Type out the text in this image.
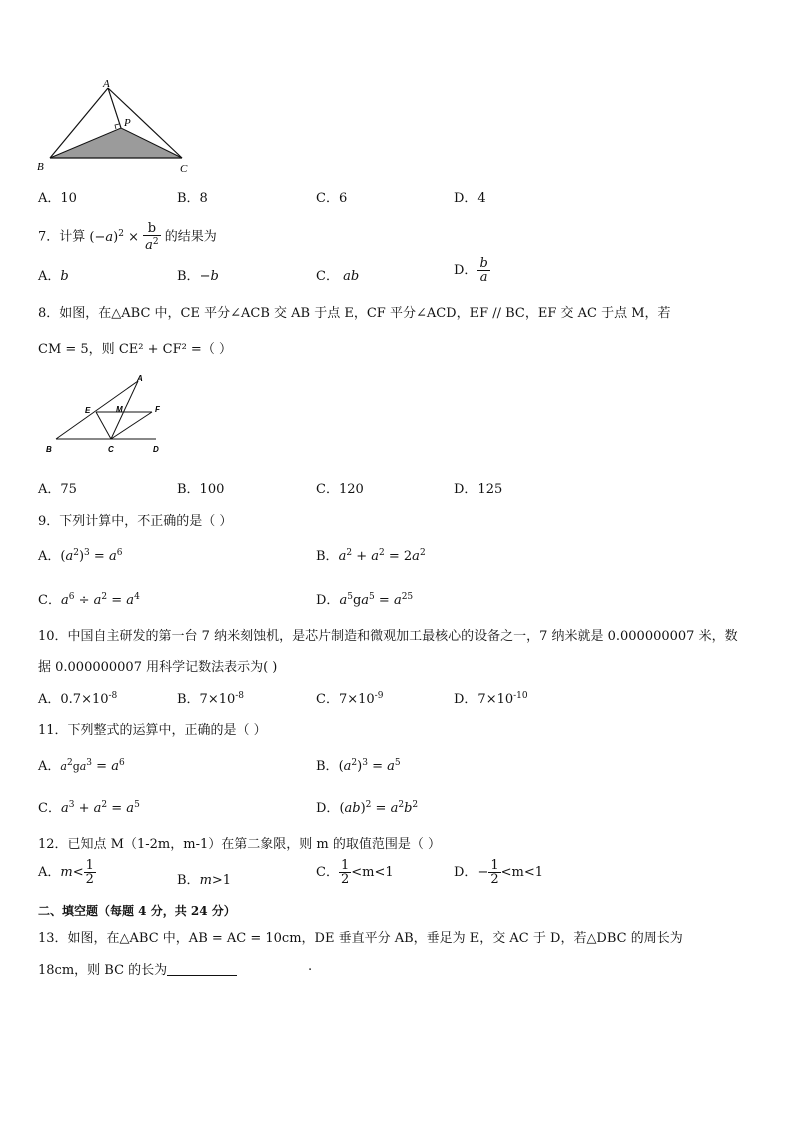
A
P
B	C
A．10	B．8	C．6	D．4
7．计算 $(-a)^2 \times \frac{b}{a^2}$ 的结果为
A．b	B．−b	C． ab	D． $\frac{b}{a}$
8．如图，在△ABC 中，CE 平分∠ACB 交 AB 于点 E，CF 平分∠ACD，EF // BC，EF 交 AC 于点 M，若
CM = 5，则 CE² + CF² =（ ）
A
E	M	F
B	C	D
A．75	B．100	C．120	D．125
9．下列计算中，不正确的是（ ）
A．$(a^2)^3 = a^6$	B．$a^2 + a^2 = 2a^2$
C．$a^6 \div a^2 = a^4$	D．$a^5ga^5 = a^{25}$
10．中国自主研发的第一台 7 纳米刻蚀机，是芯片制造和微观加工最核心的设备之一，7 纳米就是 0.000000007 米，数
据 0.000000007 用科学记数法表示为( )
A．$0.7\times 10^{-8}$	B．$7\times 10^{-8}$	C．$7\times 10^{-9}$	D．$7\times 10^{-10}$
11．下列整式的运算中，正确的是（ ）
A．$a^2ga^3 = a^6$	B．$(a^2)^3 = a^5$
C．$a^3 + a^2 = a^5$	D．$(ab)^2 = a^2b^2$
12．已知点 M（1-2m，m-1）在第二象限，则 m 的取值范围是（ ）
A．$m< \frac{1}{2}$	B．m>1
C． $\frac{1}{2} <m<1$	D．− $\frac{1}{2} <m<1$
二、填空题（每题 4 分，共 24 分）
13．如图，在△ABC 中，AB = AC = 10cm，DE 垂直平分 AB，垂足为 E，交 AC 于 D，若△DBC 的周长为
18cm，则 BC 的长为	.
